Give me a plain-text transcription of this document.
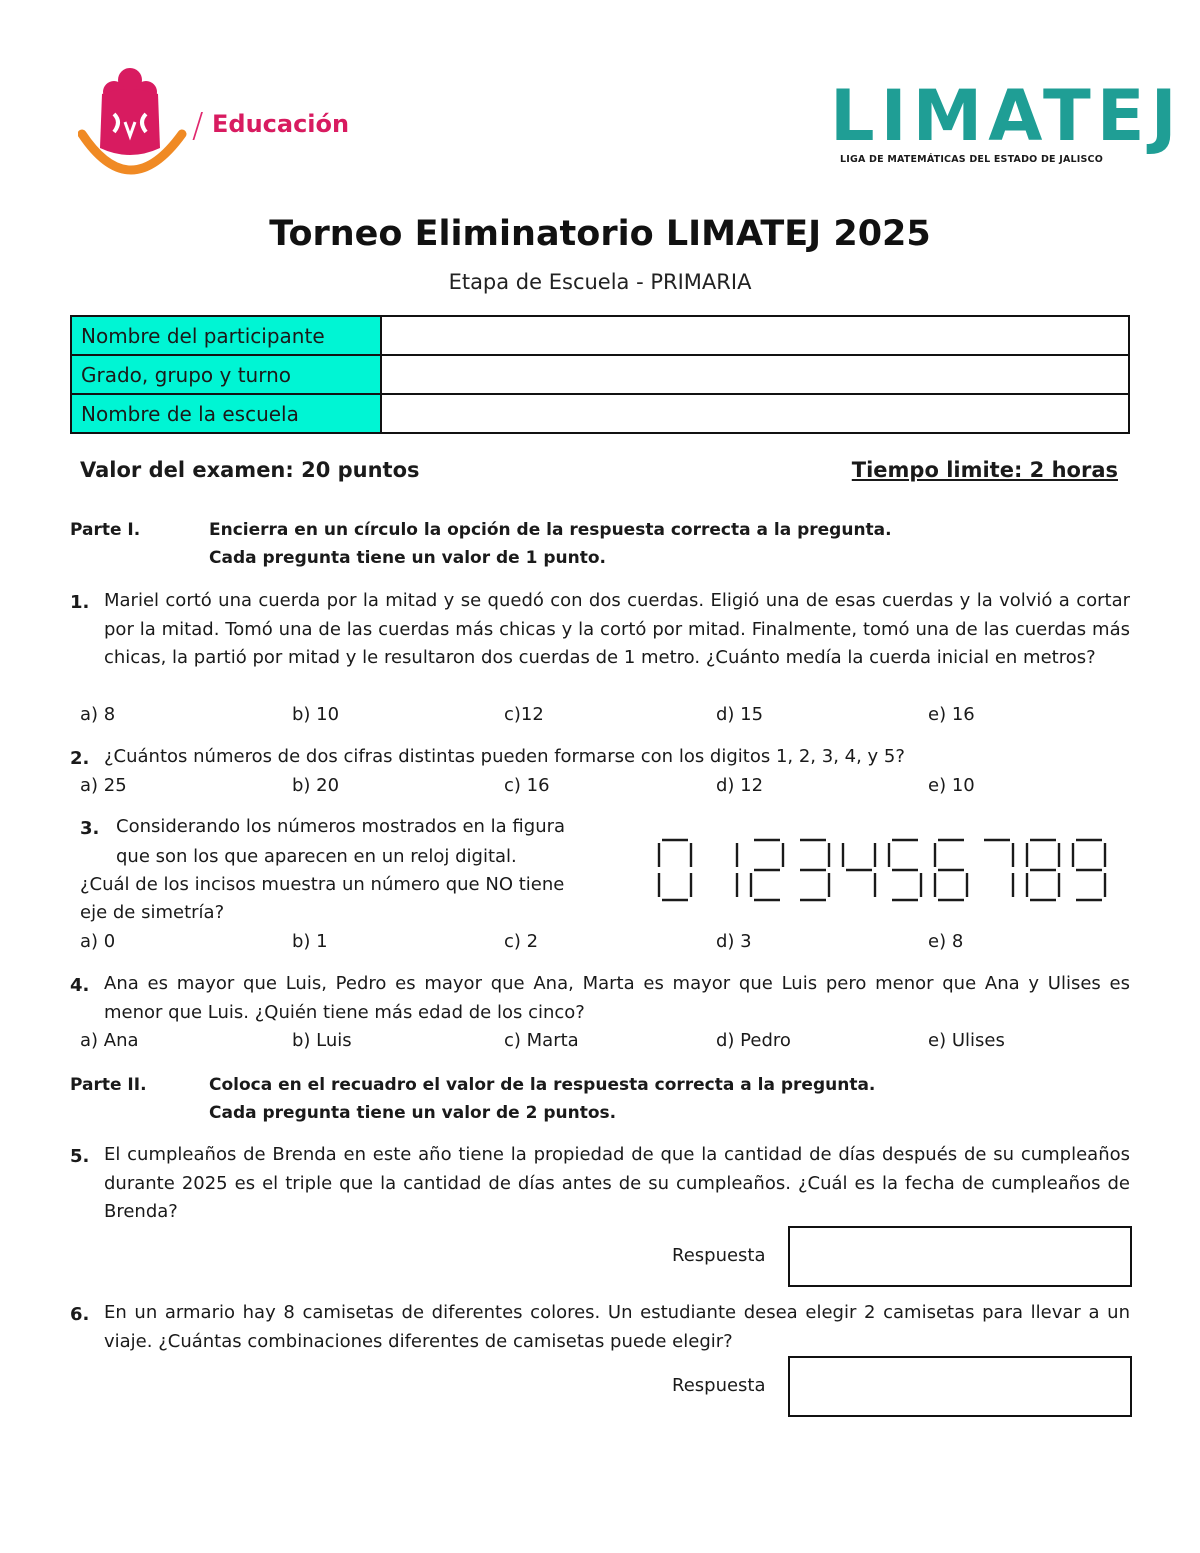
/ Educación	LIMATEJ
LIGA DE MATEMÁTICAS DEL ESTADO DE JALISCO
Torneo Eliminatorio LIMATEJ 2025
Etapa de Escuela - PRIMARIA
Nombre del participante	
Grado, grupo y turno	
Nombre de la escuela	
Valor del examen: 20 puntos	Tiempo limite: 2 horas
Parte I.	Encierra en un círculo la opción de la respuesta correcta a la pregunta.
Cada pregunta tiene un valor de 1 punto.
1. Mariel cortó una cuerda por la mitad y se quedó con dos cuerdas. Eligió una de esas cuerdas y la volvió a cortar por la mitad. Tomó una de las cuerdas más chicas y la cortó por mitad. Finalmente, tomó una de las cuerdas más chicas, la partió por mitad y le resultaron dos cuerdas de 1 metro. ¿Cuánto medía la cuerda inicial en metros?
a) 8	b) 10	c)12	d) 15	e) 16
2. ¿Cuántos números de dos cifras distintas pueden formarse con los digitos 1, 2, 3, 4, y 5?
a) 25	b) 20	c) 16	d) 12	e) 10
3. Considerando los números mostrados en la figura
que son los que aparecen en un reloj digital.
¿Cuál de los incisos muestra un número que NO tiene
eje de simetría?
a) 0	b) 1	c) 2	d) 3	e) 8
4. Ana es mayor que Luis, Pedro es mayor que Ana, Marta es mayor que Luis pero menor que Ana y Ulises es menor que Luis. ¿Quién tiene más edad de los cinco?
a) Ana	b) Luis	c) Marta	d) Pedro	e) Ulises
Parte II.	Coloca en el recuadro el valor de la respuesta correcta a la pregunta.
Cada pregunta tiene un valor de 2 puntos.
5. El cumpleaños de Brenda en este año tiene la propiedad de que la cantidad de días después de su cumpleaños durante 2025 es el triple que la cantidad de días antes de su cumpleaños. ¿Cuál es la fecha de cumpleaños de Brenda?
Respuesta
6. En un armario hay 8 camisetas de diferentes colores. Un estudiante desea elegir 2 camisetas para llevar a un viaje. ¿Cuántas combinaciones diferentes de camisetas puede elegir?
Respuesta
